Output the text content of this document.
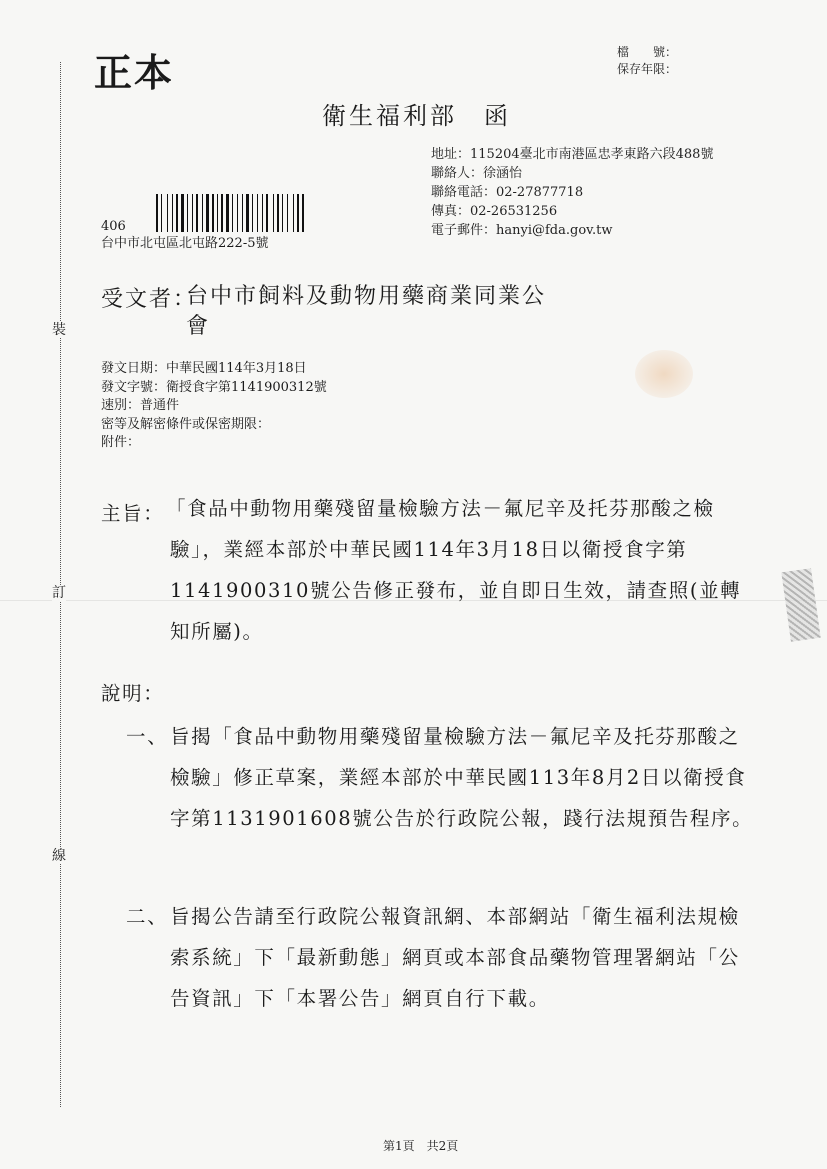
裝
訂
線
正本	檔　　號：
保存年限：
衛生福利部　函
地址：115204臺北市南港區忠孝東路六段488號
聯絡人：徐涵怡
聯絡電話：02-27877718
傳真：02-26531256
電子郵件：hanyi@fda.gov.tw
406
台中市北屯區北屯路222-5號
受文者：
台中市飼料及動物用藥商業同業公會
發文日期：中華民國114年3月18日
發文字號：衛授食字第1141900312號
速別：普通件
密等及解密條件或保密期限：
附件：
主旨： 「食品中動物用藥殘留量檢驗方法－氟尼辛及托芬那酸之檢驗」，業經本部於中華民國114年3月18日以衛授食字第1141900310號公告修正發布，並自即日生效，請查照(並轉知所屬)。
說明：
一、 旨揭「食品中動物用藥殘留量檢驗方法－氟尼辛及托芬那酸之檢驗」修正草案，業經本部於中華民國113年8月2日以衛授食字第1131901608號公告於行政院公報，踐行法規預告程序。
二、 旨揭公告請至行政院公報資訊網、本部網站「衛生福利法規檢索系統」下「最新動態」網頁或本部食品藥物管理署網站「公告資訊」下「本署公告」網頁自行下載。
第1頁　共2頁
